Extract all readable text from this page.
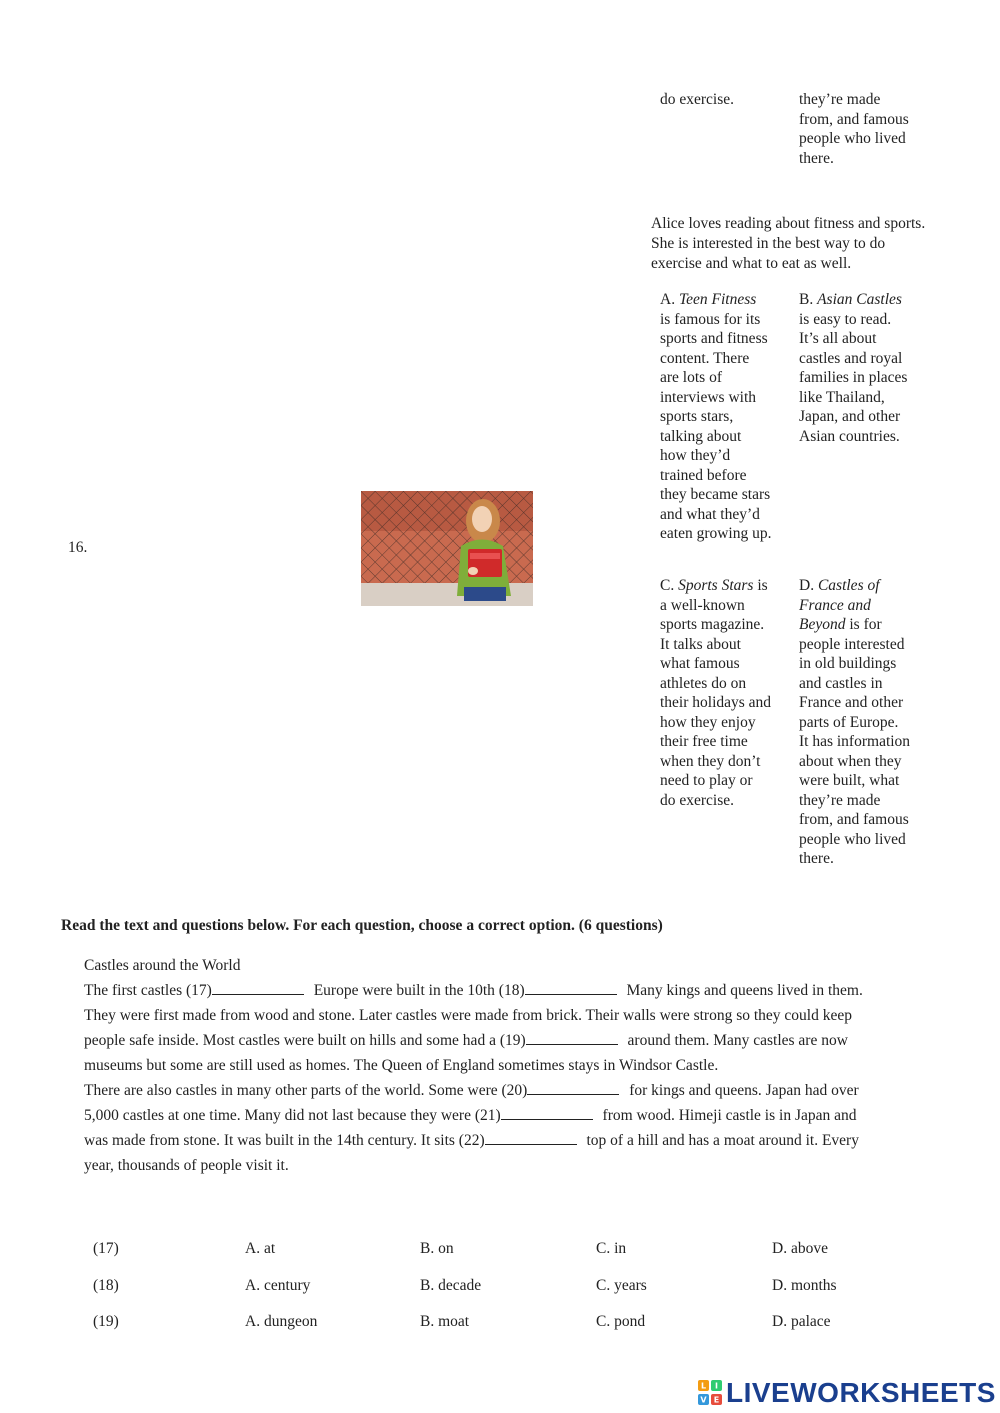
do exercise.	they’re made
from, and famous
people who lived
there.
16.
Alice loves reading about fitness and sports. She is interested in the best way to do exercise and what to eat as well.
A. Teen Fitness
is famous for its
sports and fitness
content. There
are lots of
interviews with
sports stars,
talking about
how they’d
trained before
they became stars
and what they’d
eaten growing up.
B. Asian Castles
is easy to read.
It’s all about
castles and royal
families in places
like Thailand,
Japan, and other
Asian countries.
C. Sports Stars is
a well-known
sports magazine.
It talks about
what famous
athletes do on
their holidays and
how they enjoy
their free time
when they don’t
need to play or
do exercise.
D. Castles of
France and
Beyond is for
people interested
in old buildings
and castles in
France and other
parts of Europe.
It has information
about when they
were built, what
they’re made
from, and famous
people who lived
there.
Read the text and questions below. For each question, choose a correct option. (6 questions)
Castles around the World
The first castles (17)	Europe were built in the 10th (18)	Many kings and queens lived in them.
They were first made from wood and stone. Later castles were made from brick. Their walls were strong so they could keep
people safe inside. Most castles were built on hills and some had a (19)	around them. Many castles are now
museums but some are still used as homes. The Queen of England sometimes stays in Windsor Castle.
There are also castles in many other parts of the world. Some were (20)	for kings and queens. Japan had over
5,000 castles at one time. Many did not last because they were (21)	from wood. Himeji castle is in Japan and
was made from stone. It was built in the 14th century. It sits (22)	top of a hill and has a moat around it. Every
year, thousands of people visit it.
(17)	A. at	B. on	C. in	D. above
(18)	A. century	B. decade	C. years	D. months
(19)	A. dungeon	B. moat	C. pond	D. palace
L I
V E LIVEWORKSHEETS
